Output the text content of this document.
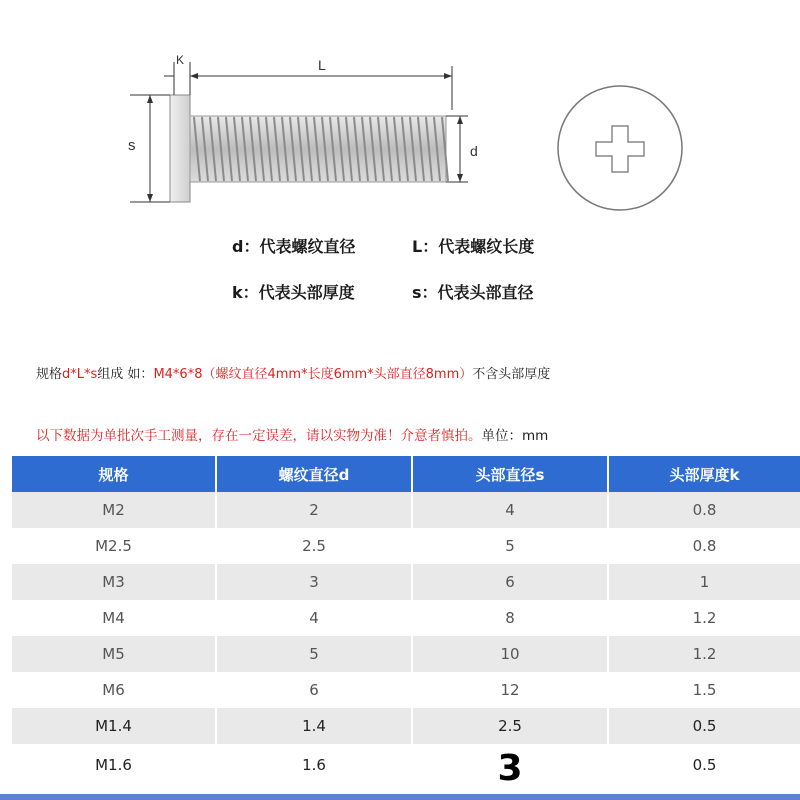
K	L
s	d
d：代表螺纹直径	L：代表螺纹长度
k：代表头部厚度	s：代表头部直径
规格d*L*s组成 如：M4*6*8（螺纹直径4mm*长度6mm*头部直径8mm）不含头部厚度
以下数据为单批次手工测量，存在一定误差，请以实物为准！介意者慎拍。单位：mm
规格	螺纹直径d	头部直径s	头部厚度k
M2	2	4	0.8
M2.5	2.5	5	0.8
M3	3	6	1
M4	4	8	1.2
M5	5	10	1.2
M6	6	12	1.5
M1.4	1.4	2.5	0.5
M1.6	1.6	3	0.5
